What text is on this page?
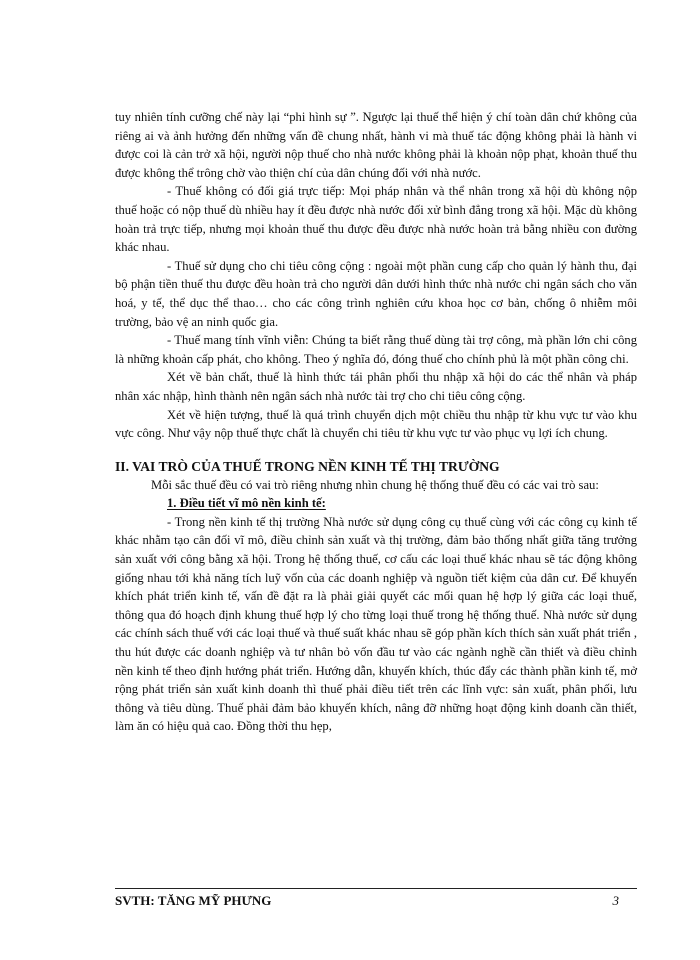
tuy nhiên tính cưỡng chế này lại “phi hình sự ”. Ngược lại thuế thể hiện ý chí toàn dân chứ không của riêng ai và ảnh hưởng đến những vấn đề chung nhất, hành vi mà thuế tác động không phải là hành vi được coi là cản trở xã hội, người nộp thuế cho nhà nước không phải là khoản nộp phạt, khoản thuế thu được không thể trông chờ vào thiện chí của dân chúng đối với nhà nước.

- Thuế không có đối giá trực tiếp: Mọi pháp nhân và thể nhân trong xã hội dù không nộp thuế hoặc có nộp thuế dù nhiều hay ít đều được nhà nước đối xử bình đẳng trong xã hội. Mặc dù không hoàn trả trực tiếp, nhưng mọi khoản thuế thu được đều được nhà nước hoàn trả bằng nhiều con đường khác nhau.

- Thuế sử dụng cho chi tiêu công cộng : ngoài một phần cung cấp cho quản lý hành thu, đại bộ phận tiền thuế thu được đều hoàn trả cho người dân dưới hình thức nhà nước chi ngân sách cho văn hoá, y tế, thể dục thể thao… cho các công trình nghiên cứu khoa học cơ bản, chống ô nhiễm môi trường, bảo vệ an ninh quốc gia.

- Thuế mang tính vĩnh viễn: Chúng ta biết rằng thuế dùng tài trợ công, mà phần lớn chi công là những khoản cấp phát, cho không. Theo ý nghĩa đó, đóng thuế cho chính phủ là một phần công chi.

Xét về bản chất, thuế là hình thức tái phân phối thu nhập xã hội do các thể nhân và pháp nhân xác nhập, hình thành nên ngân sách nhà nước tài trợ cho chi tiêu công cộng.

Xét về hiện tượng, thuế là quá trình chuyển dịch một chiều thu nhập từ khu vực tư vào khu vực công. Như vậy nộp thuế thực chất là chuyển chi tiêu từ khu vực tư vào phục vụ lợi ích chung.

II. VAI TRÒ CỦA THUẾ TRONG NỀN KINH TẾ THỊ TRƯỜNG

Mỗi sắc thuế đều có vai trò riêng nhưng nhìn chung hệ thống thuế đều có các vai trò sau:

1. Điều tiết vĩ mô nền kinh tế:

- Trong nền kinh tế thị trường Nhà nước sử dụng công cụ thuế cùng với các công cụ kinh tế khác nhằm tạo cân đối vĩ mô, điều chỉnh sản xuất và thị trường, đảm bảo thống nhất giữa tăng trưởng sản xuất với công bằng xã hội. Trong hệ thống thuế, cơ cấu các loại thuế khác nhau sẽ tác động không giống nhau tới khả năng tích luỹ vốn của các doanh nghiệp và nguồn tiết kiệm của dân cư. Để khuyến khích phát triển kinh tế, vấn đề đặt ra là phải giải quyết các mối quan hệ hợp lý giữa các loại thuế, thông qua đó hoạch định khung thuế hợp lý cho từng loại thuế trong hệ thống thuế. Nhà nước sử dụng các chính sách thuế với các loại thuế và thuế suất khác nhau sẽ góp phần kích thích sản xuất phát triển , thu hút được các doanh nghiệp và tư nhân bỏ vốn đầu tư vào các ngành nghề cần thiết và điều chỉnh nền kinh tế theo định hướng phát triển. Hướng dẫn, khuyến khích, thúc đẩy các thành phần kinh tế, mở rộng phát triển sản xuất kinh doanh thì thuế phải điều tiết trên các lĩnh vực: sản xuất, phân phối, lưu thông và tiêu dùng. Thuế phải đảm bảo khuyến khích, nâng đỡ những hoạt động kinh doanh cần thiết, làm ăn có hiệu quả cao. Đồng thời thu hẹp,

SVTH: TĂNG MỸ PHƯNG	3
